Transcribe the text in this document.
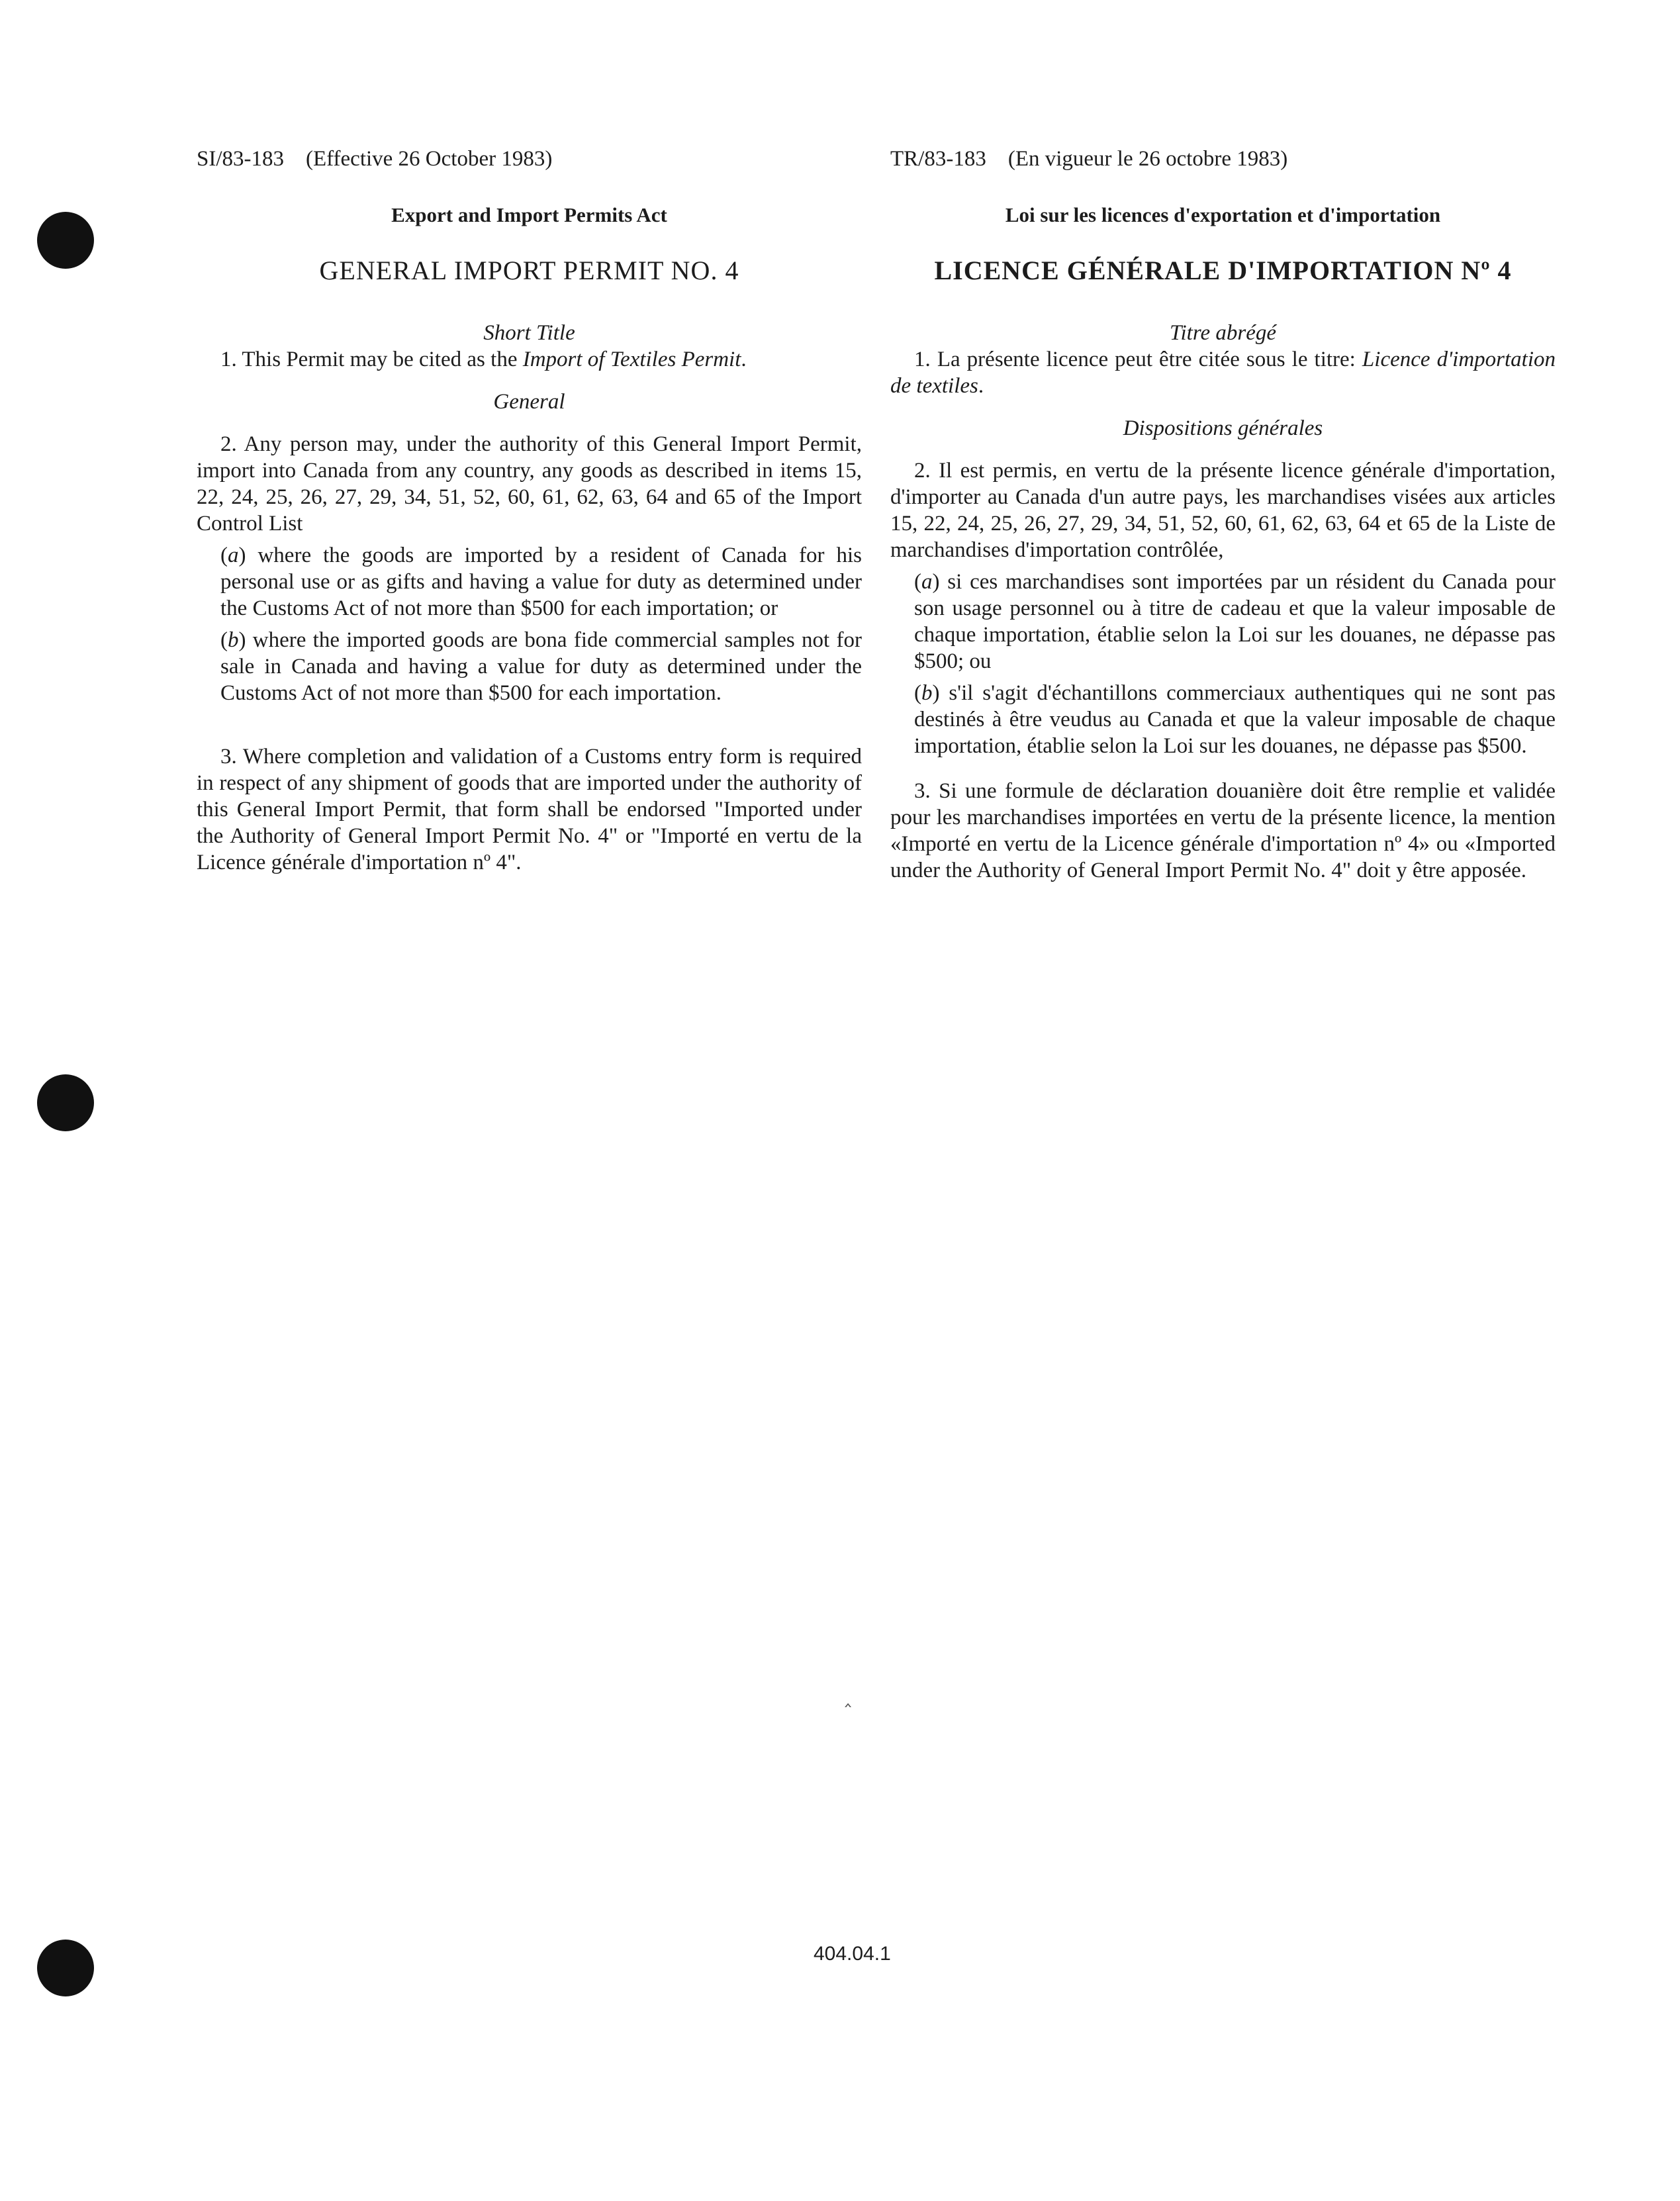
SI/83-183 (Effective 26 October 1983)
Export and Import Permits Act
GENERAL IMPORT PERMIT NO. 4

Short Title

1. This Permit may be cited as the Import of Textiles Permit.

General

2. Any person may, under the authority of this General Import Permit, import into Canada from any country, any goods as described in items 15, 22, 24, 25, 26, 27, 29, 34, 51, 52, 60, 61, 62, 63, 64 and 65 of the Import Control List

(a) where the goods are imported by a resident of Canada for his personal use or as gifts and having a value for duty as determined under the Customs Act of not more than $500 for each importation; or

(b) where the imported goods are bona fide commercial samples not for sale in Canada and having a value for duty as determined under the Customs Act of not more than $500 for each importation.

3. Where completion and validation of a Customs entry form is required in respect of any shipment of goods that are imported under the authority of this General Import Permit, that form shall be endorsed "Imported under the Authority of General Import Permit No. 4" or "Importé en vertu de la Licence générale d'importation nº 4".

TR/83-183 (En vigueur le 26 octobre 1983)
Loi sur les licences d'exportation et d'importation
LICENCE GÉNÉRALE D'IMPORTATION Nº 4

Titre abrégé

1. La présente licence peut être citée sous le titre: Licence d'importation de textiles.

Dispositions générales

2. Il est permis, en vertu de la présente licence générale d'importation, d'importer au Canada d'un autre pays, les marchandises visées aux articles 15, 22, 24, 25, 26, 27, 29, 34, 51, 52, 60, 61, 62, 63, 64 et 65 de la Liste de marchandises d'importation contrôlée,

(a) si ces marchandises sont importées par un résident du Canada pour son usage personnel ou à titre de cadeau et que la valeur imposable de chaque importation, établie selon la Loi sur les douanes, ne dépasse pas $500; ou

(b) s'il s'agit d'échantillons commerciaux authentiques qui ne sont pas destinés à être veudus au Canada et que la valeur imposable de chaque importation, établie selon la Loi sur les douanes, ne dépasse pas $500.

3. Si une formule de déclaration douanière doit être remplie et validée pour les marchandises importées en vertu de la présente licence, la mention «Importé en vertu de la Licence générale d'importation nº 4» ou «Imported under the Authority of General Import Permit No. 4" doit y être apposée.

‸
404.04.1
